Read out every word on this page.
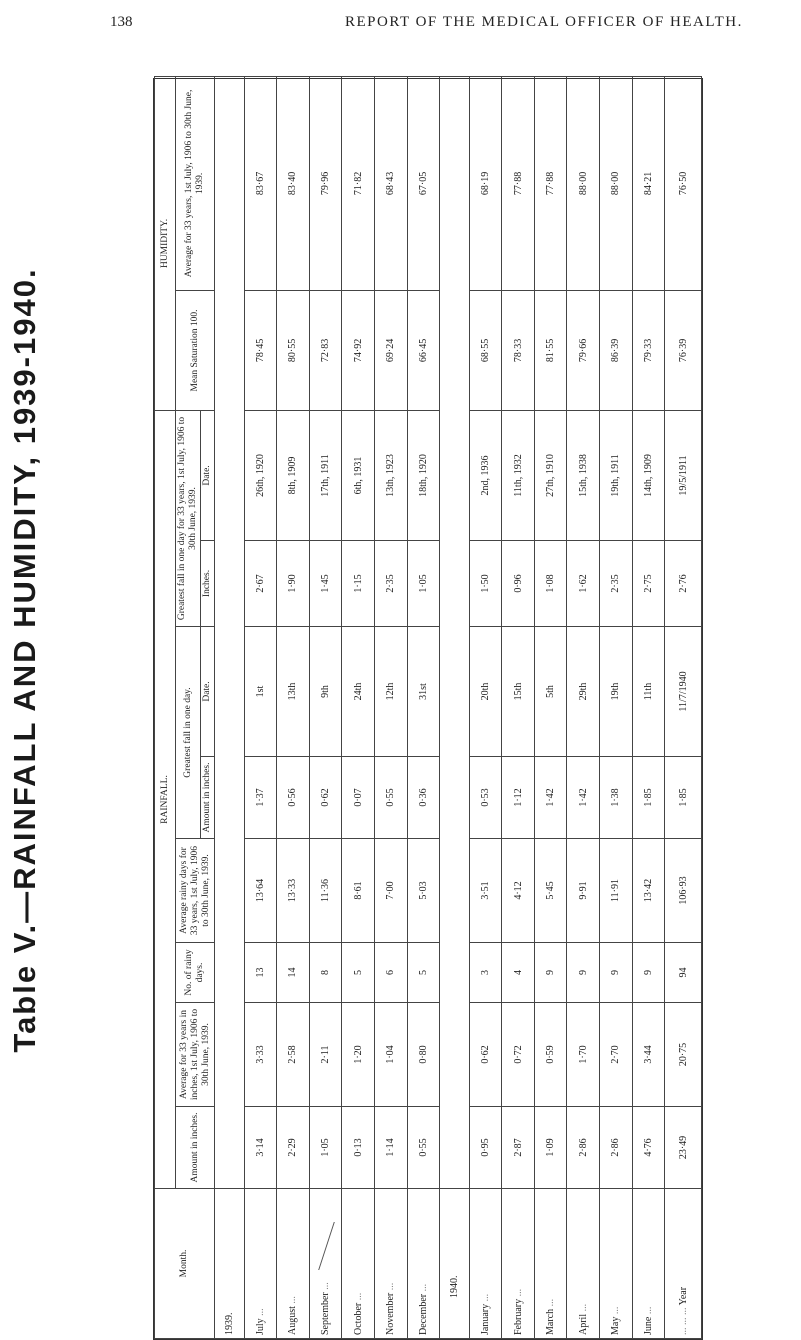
138	REPORT OF THE MEDICAL OFFICER OF HEALTH.
Table V.—RAINFALL AND HUMIDITY, 1939-1940.
Month.	RAINFALL.								HUMIDITY.	
	Amount in inches.	Average for 33 years in inches, 1st July, 1906 to 30th June, 1939.	No. of rainy days.	Average rainy days for 33 years, 1st July, 1906 to 30th June, 1939.	Greatest fall in one day.		Greatest fall in one day for 33 years, 1st July, 1906 to 30th June, 1939.		Mean Saturation 100.	Average for 33 years, 1st July, 1906 to 30th June, 1939.
					Amount in inches.	Date.	Inches.	Date.		
1939.										
July ...	3·14	3·33	13	13·64	1·37	1st	2·67	26th, 1920	78·45	83·67
August ...	2·29	2·58	14	13·33	0·56	13th	1·90	8th, 1909	80·55	83·40
September ...	1·05	2·11	8	11·36	0·62	9th	1·45	17th, 1911	72·83	79·96
October ...	0·13	1·20	5	8·61	0·07	24th	1·15	6th, 1931	74·92	71·82
November ...	1·14	1·04	6	7·00	0·55	12th	2·35	13th, 1923	69·24	68·43
December ...	0·55	0·80	5	5·03	0·36	31st	1·05	18th, 1920	66·45	67·05
1940.										
January ...	0·95	0·62	3	3·51	0·53	20th	1·50	2nd, 1936	68·55	68·19
February ...	2·87	0·72	4	4·12	1·12	15th	0·96	11th, 1932	78·33	77·88
March ...	1·09	0·59	9	5·45	1·42	5th	1·08	27th, 1910	81·55	77·88
April ...	2·86	1·70	9	9·91	1·42	29th	1·62	15th, 1938	79·66	88·00
May ...	2·86	2·70	9	11·91	1·38	19th	2·35	19th, 1911	86·39	88·00
June ...	4·76	3·44	9	13·42	1·85	11th	2·75	14th, 1909	79·33	84·21
... ... ... Year	23·49	20·75	94	106·93	1·85	11/7/1940	2·76	19/5/1911	76·39	76·50
